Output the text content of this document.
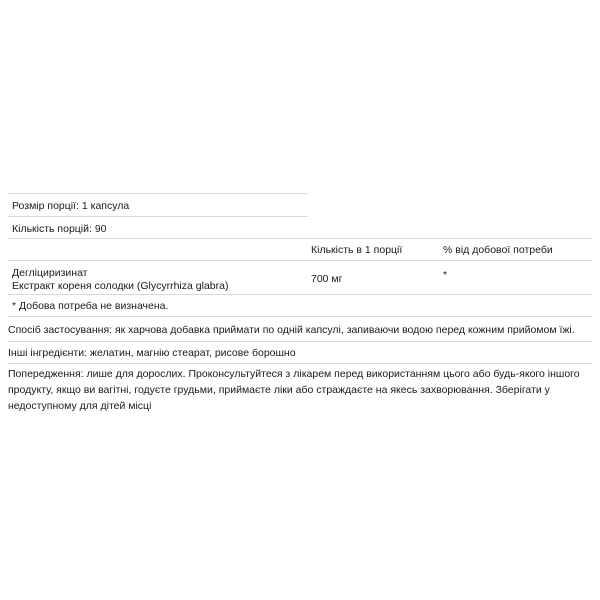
Розмір порції: 1 капсула
Кількість порцій: 90
Кількість в 1 порції	% від добової потреби
Дегліциризинат
Екстракт кореня солодки (Glycyrrhiza glabra)
700 мг	*
* Добова потреба не визначена.
Спосіб застосування: як харчова добавка приймати по одній капсулі, запиваючи водою перед кожним прийомом їжі.
Інші інгредієнти: желатин, магнію стеарат, рисове борошно
Попередження: лише для дорослих. Проконсультуйтеся з лікарем перед використанням цього або будь-якого іншого продукту, якщо ви вагітні, годуєте грудьми, приймаєте ліки або страждаєте на якесь захворювання. Зберігати у недоступному для дітей місці
